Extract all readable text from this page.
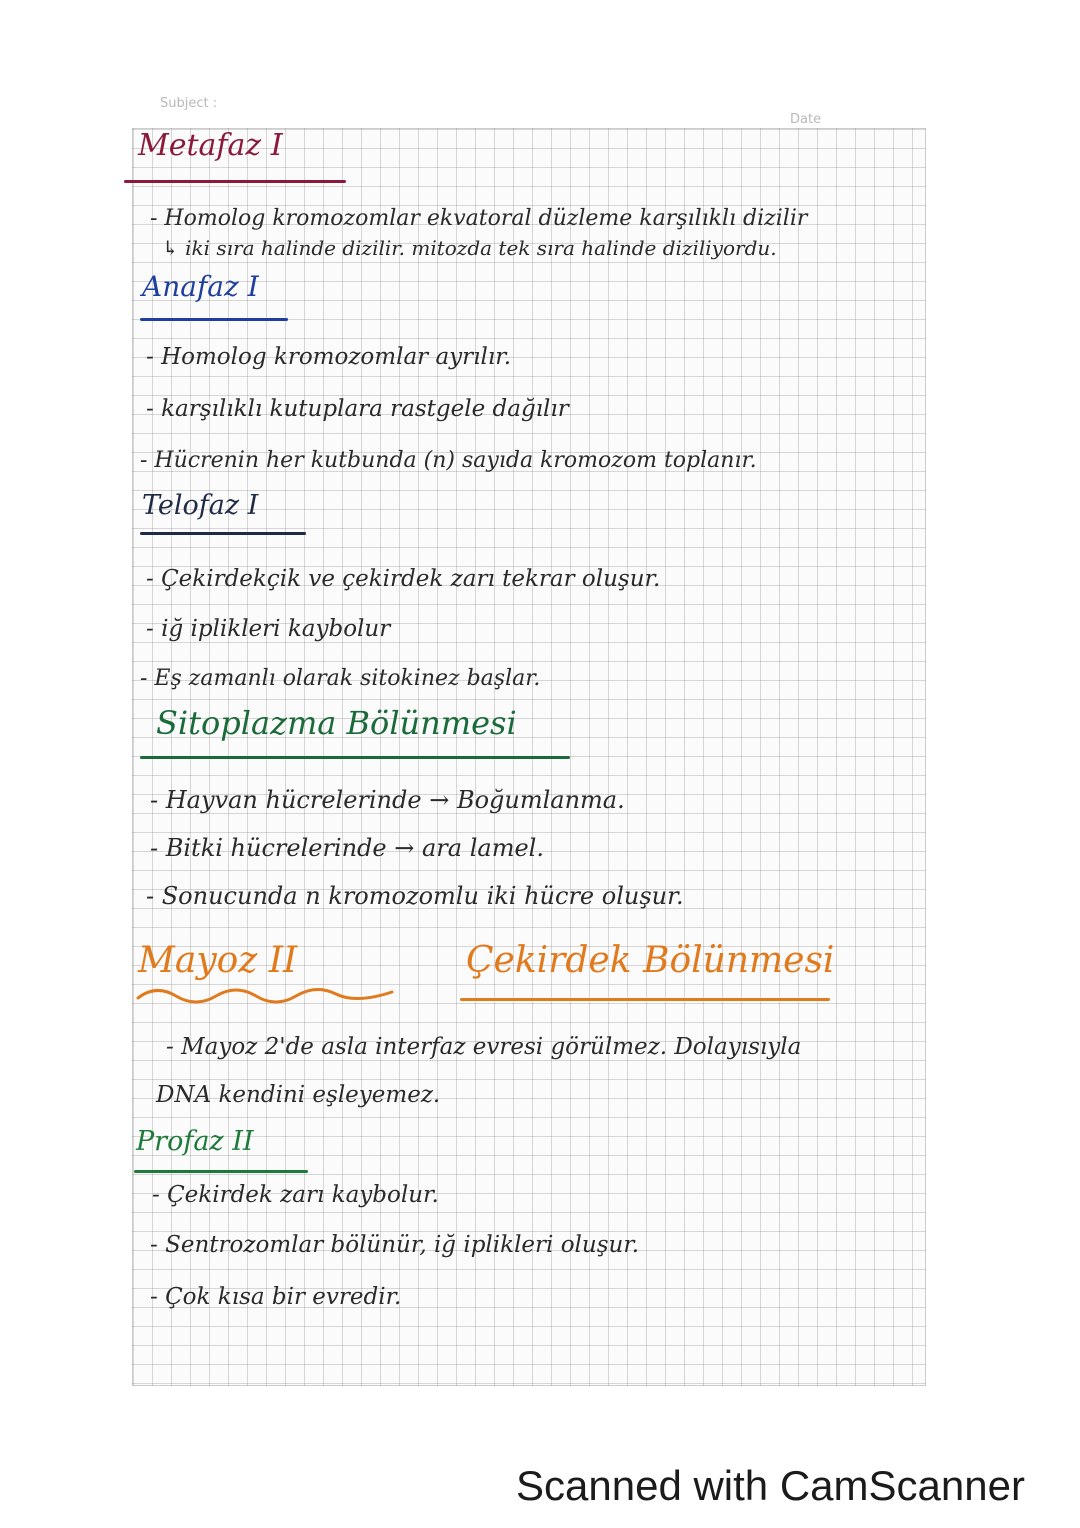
Subject :
Date
Metafaz I
- Homolog kromozomlar ekvatoral düzleme karşılıklı dizilir
↳ iki sıra halinde dizilir. mitozda tek sıra halinde diziliyordu.
Anafaz I
- Homolog kromozomlar ayrılır.
- karşılıklı kutuplara rastgele dağılır
- Hücrenin her kutbunda (n) sayıda kromozom toplanır.
Telofaz I
- Çekirdekçik ve çekirdek zarı tekrar oluşur.
- iğ iplikleri kaybolur
- Eş zamanlı olarak sitokinez başlar.
Sitoplazma Bölünmesi
- Hayvan hücrelerinde → Boğumlanma.
- Bitki hücrelerinde → ara lamel.
- Sonucunda n kromozomlu iki hücre oluşur.
Mayoz II	Çekirdek Bölünmesi
- Mayoz 2'de asla interfaz evresi görülmez. Dolayısıyla
DNA kendini eşleyemez.
Profaz II
- Çekirdek zarı kaybolur.
- Sentrozomlar bölünür, iğ iplikleri oluşur.
- Çok kısa bir evredir.
Scanned with CamScanner
